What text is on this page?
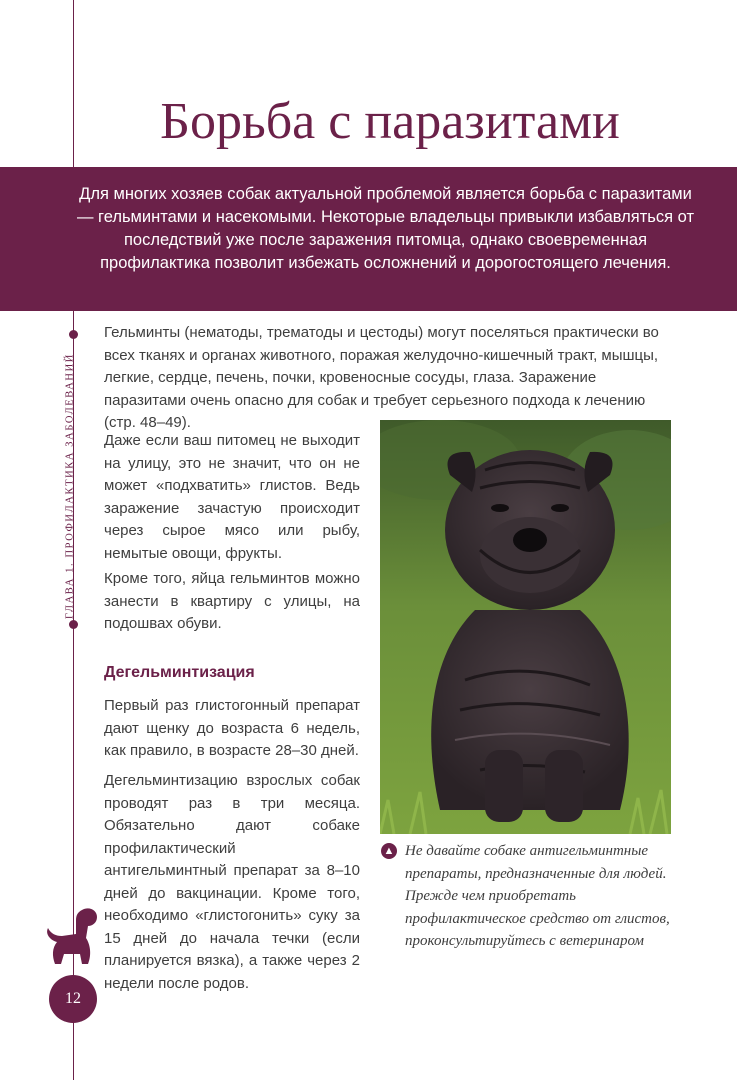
ГЛАВА 1. ПРОФИЛАКТИКА ЗАБОЛЕВАНИЙ
Борьба с паразитами

Для многих хозяев собак актуальной проблемой является борьба с паразитами — гельминтами и насекомыми. Некоторые владельцы привыкли избавляться от последствий уже после заражения питомца, однако своевременная профилактика позволит избежать осложнений и дорогостоящего лечения.

Гельминты (нематоды, трематоды и цестоды) могут поселяться практически во всех тканях и органах животного, поражая желудочно-кишечный тракт, мышцы, легкие, сердце, печень, почки, кровеносные сосуды, глаза. Заражение паразитами очень опасно для собак и требует серьезного подхода к лечению (стр. 48–49).

Даже если ваш питомец не выходит на улицу, это не значит, что он не может «подхватить» глистов. Ведь заражение зачастую происходит через сырое мясо или рыбу, немытые овощи, фрукты.

Кроме того, яйца гельминтов можно занести в квартиру с улицы, на подошвах обуви.

Дегельминтизация

Первый раз глистогонный препарат дают щенку до возраста 6 недель, как правило, в возрасте 28–30 дней.

Дегельминтизацию взрослых собак проводят раз в три месяца. Обязательно дают собаке профилактический антигельминтный препарат за 8–10 дней до вакцинации. Кроме того, необходимо «глистогонить» суку за 15 дней до начала течки (если планируется вязка), а также через 2 недели после родов.

▲ Не давайте собаке антигельминтные препараты, предназначенные для людей. Прежде чем приобретать профилактическое средство от глистов, проконсультируйтесь с ветеринаром

12
